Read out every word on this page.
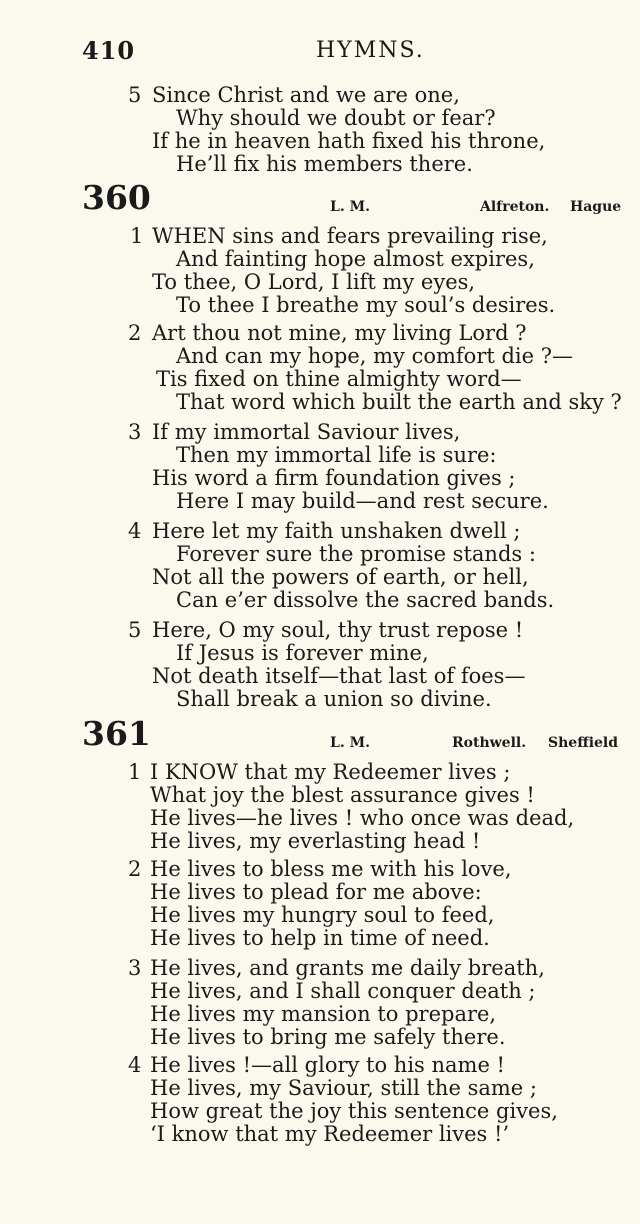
410	HYMNS.
5 Since Christ and we are one,
Why should we doubt or fear?
If he in heaven hath fixed his throne,
He’ll fix his members there.
360	L. M.	Alfreton. Hague
1 WHEN sins and fears prevailing rise,
And fainting hope almost expires,
To thee, O Lord, I lift my eyes,
To thee I breathe my soul’s desires.
2 Art thou not mine, my living Lord ?
And can my hope, my comfort die ?—
Tis fixed on thine almighty word—
That word which built the earth and sky ?
3 If my immortal Saviour lives,
Then my immortal life is sure:
His word a firm foundation gives ;
Here I may build—and rest secure.
4 Here let my faith unshaken dwell ;
Forever sure the promise stands :
Not all the powers of earth, or hell,
Can e’er dissolve the sacred bands.
5 Here, O my soul, thy trust repose !
If Jesus is forever mine,
Not death itself—that last of foes—
Shall break a union so divine.
361	L. M.	Rothwell. Sheffield
1 I KNOW that my Redeemer lives ;
What joy the blest assurance gives !
He lives—he lives ! who once was dead,
He lives, my everlasting head !
2 He lives to bless me with his love,
He lives to plead for me above:
He lives my hungry soul to feed,
He lives to help in time of need.
3 He lives, and grants me daily breath,
He lives, and I shall conquer death ;
He lives my mansion to prepare,
He lives to bring me safely there.
4 He lives !—all glory to his name !
He lives, my Saviour, still the same ;
How great the joy this sentence gives,
‘I know that my Redeemer lives !’
